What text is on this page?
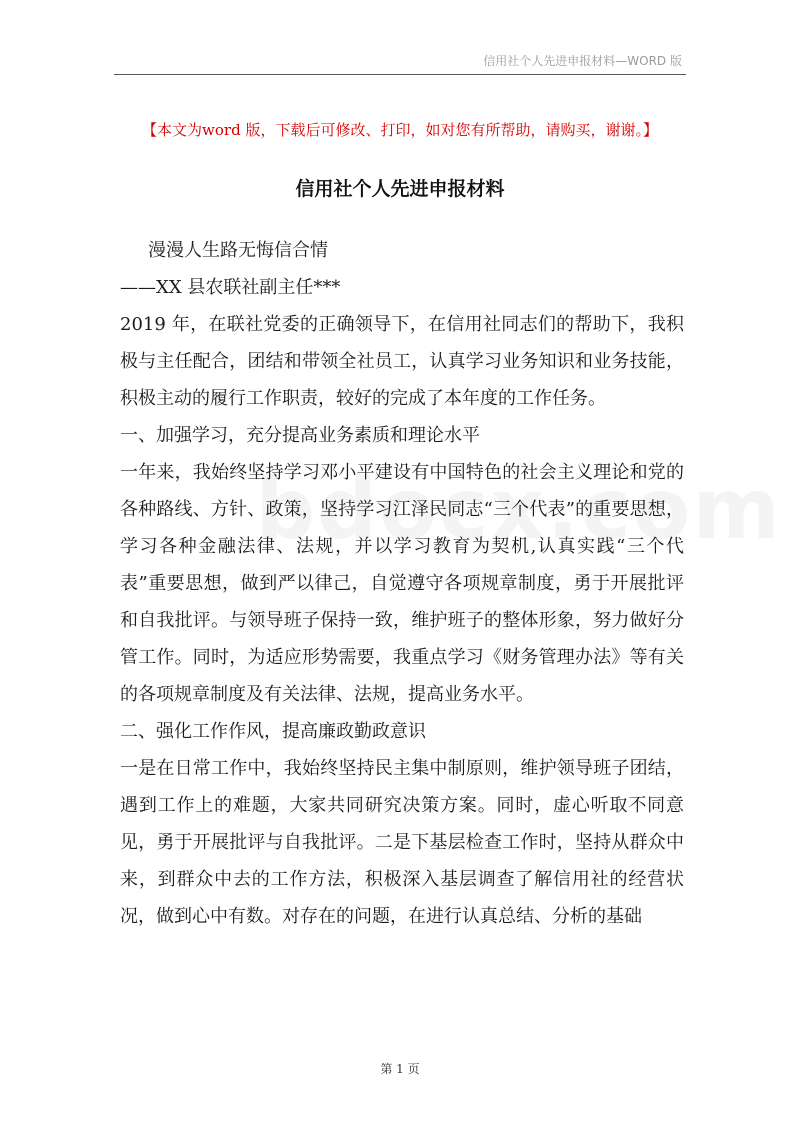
信用社个人先进申报材料—WORD 版
【本文为word 版，下载后可修改、打印，如对您有所帮助，请购买，谢谢。】
信用社个人先进申报材料

漫漫人生路无悔信合情

——XX 县农联社副主任***

2019 年，在联社党委的正确领导下，在信用社同志们的帮助下，我积极与主任配合，团结和带领全社员工，认真学习业务知识和业务技能，积极主动的履行工作职责，较好的完成了本年度的工作任务。

一、加强学习，充分提高业务素质和理论水平

一年来，我始终坚持学习邓小平建设有中国特色的社会主义理论和党的各种路线、方针、政策，坚持学习江泽民同志“三个代表”的重要思想，学习各种金融法律、法规，并以学习教育为契机,认真实践“三个代表”重要思想，做到严以律己，自觉遵守各项规章制度，勇于开展批评和自我批评。与领导班子保持一致，维护班子的整体形象，努力做好分管工作。同时，为适应形势需要，我重点学习《财务管理办法》等有关的各项规章制度及有关法律、法规，提高业务水平。

二、强化工作作风，提高廉政勤政意识

一是在日常工作中，我始终坚持民主集中制原则，维护领导班子团结，遇到工作上的难题，大家共同研究决策方案。同时，虚心听取不同意见，勇于开展批评与自我批评。二是下基层检查工作时，坚持从群众中来，到群众中去的工作方法，积极深入基层调查了解信用社的经营状况，做到心中有数。对存在的问题，在进行认真总结、分析的基础

第 1 页
